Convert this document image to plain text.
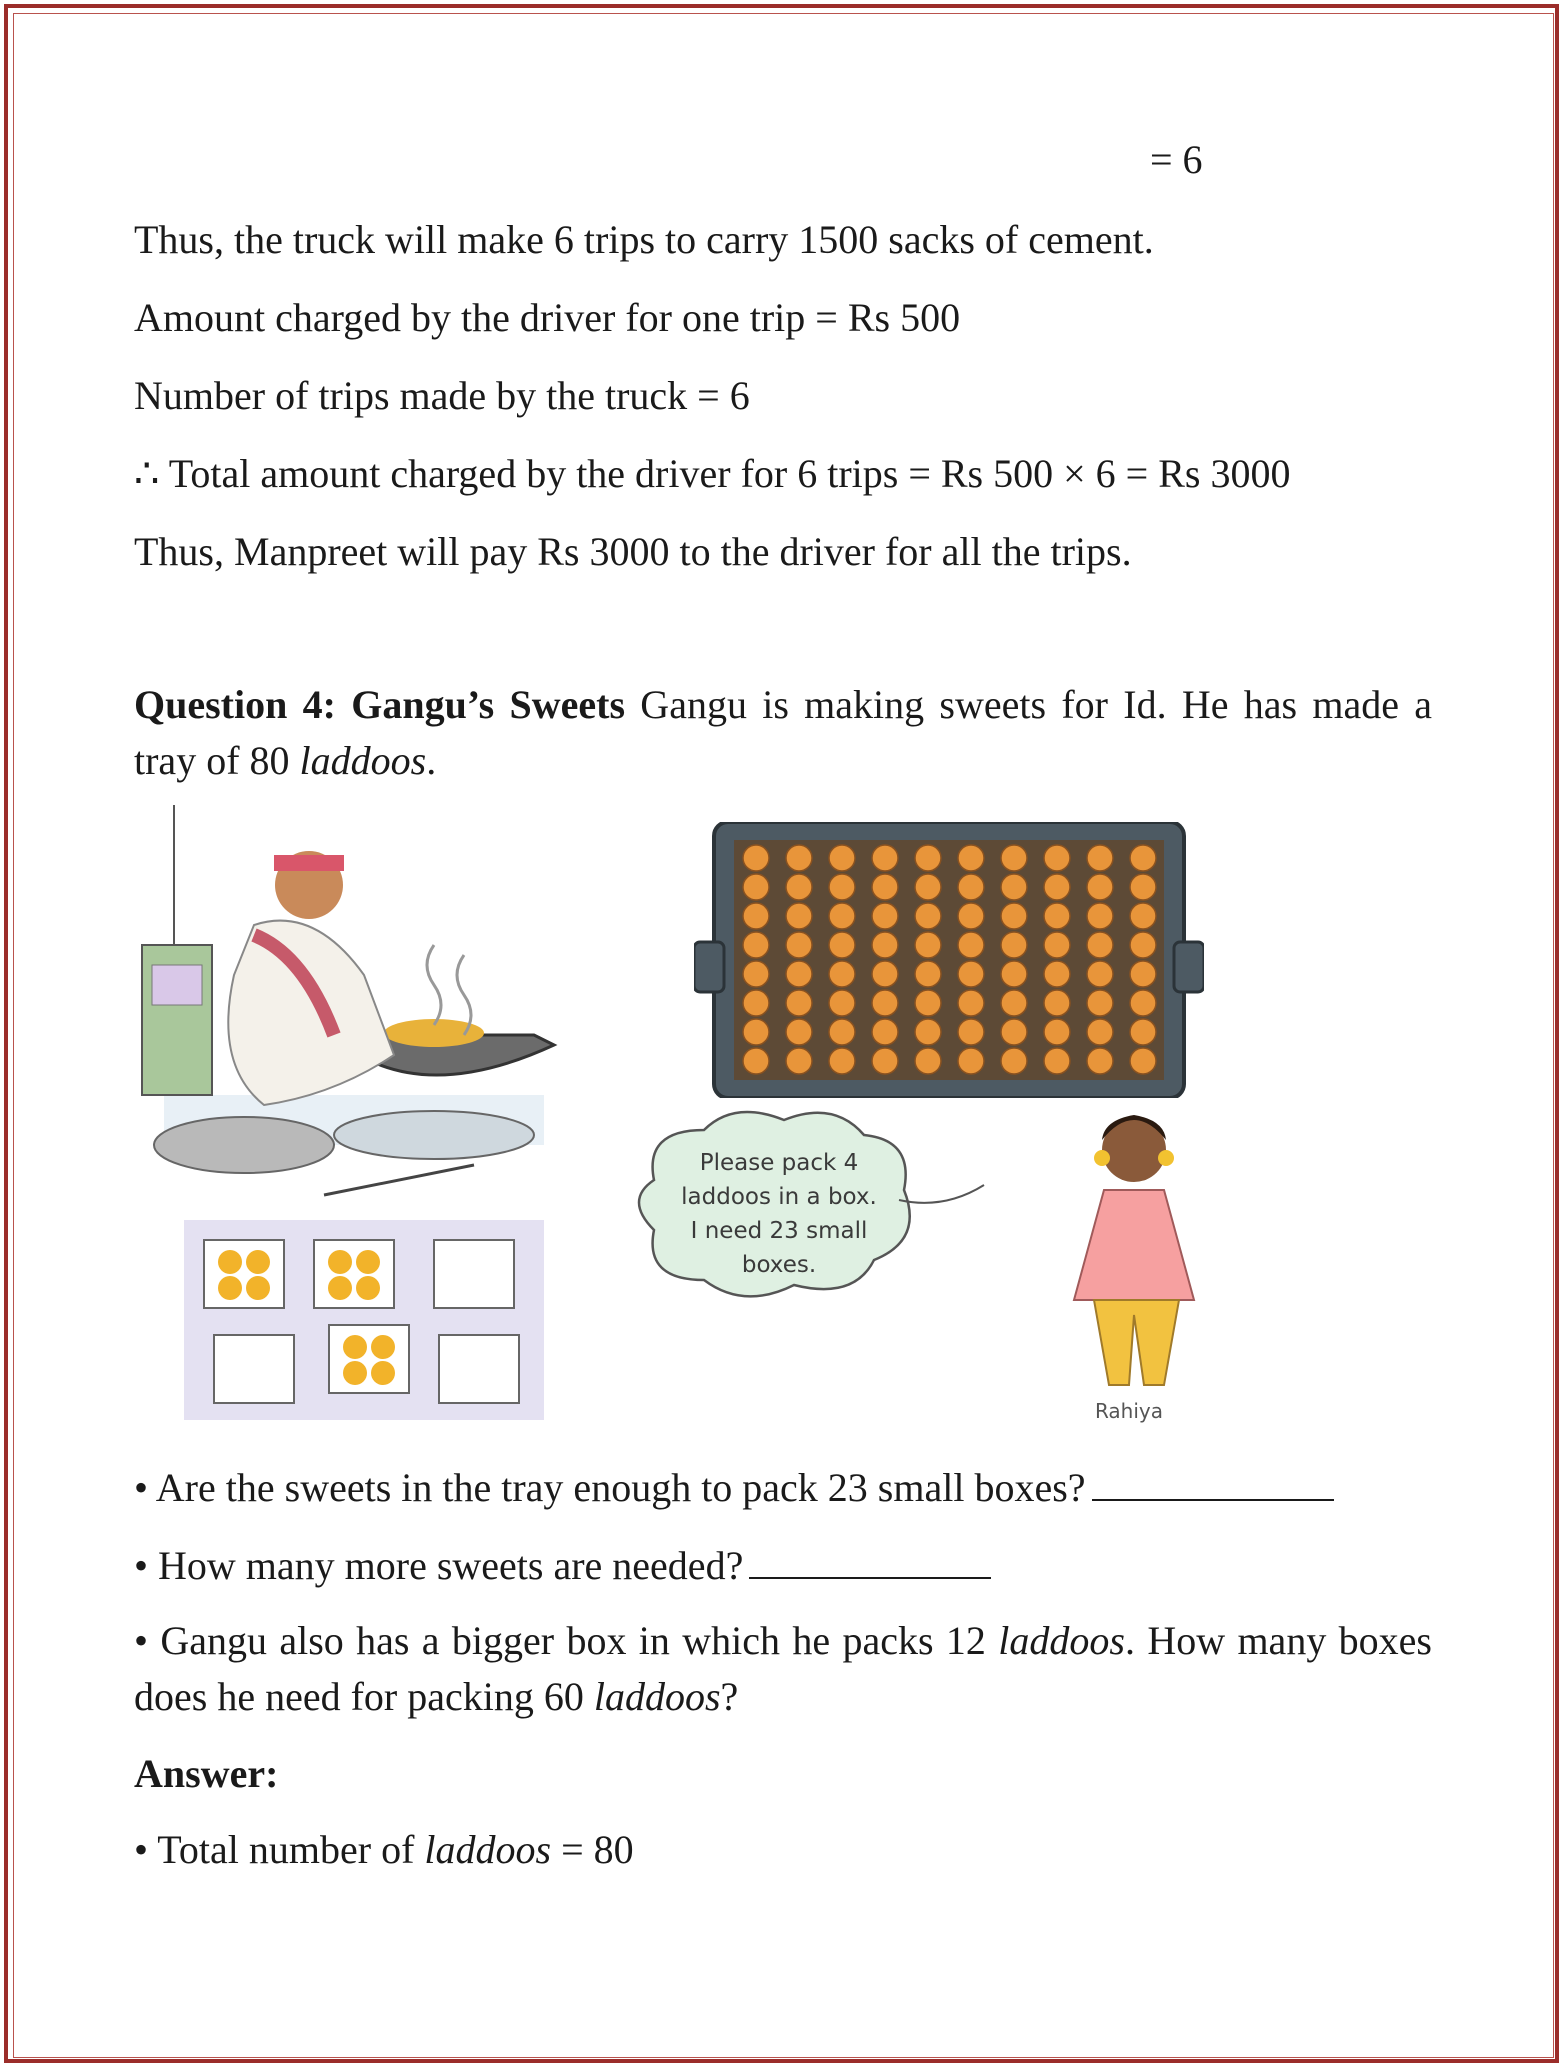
= 6
Thus, the truck will make 6 trips to carry 1500 sacks of cement.
Amount charged by the driver for one trip = Rs 500
Number of trips made by the truck = 6
∴ Total amount charged by the driver for 6 trips = Rs 500 × 6 = Rs 3000
Thus, Manpreet will pay Rs 3000 to the driver for all the trips.
Question 4: Gangu’s Sweets Gangu is making sweets for Id. He has made a tray of 80 laddoos.
Please pack 4
laddoos in a box.
I need 23 small
boxes.
Rahiya
• Are the sweets in the tray enough to pack 23 small boxes?
• How many more sweets are needed?
• Gangu also has a bigger box in which he packs 12 laddoos. How many boxes does he need for packing 60 laddoos?
Answer:
• Total number of laddoos = 80
